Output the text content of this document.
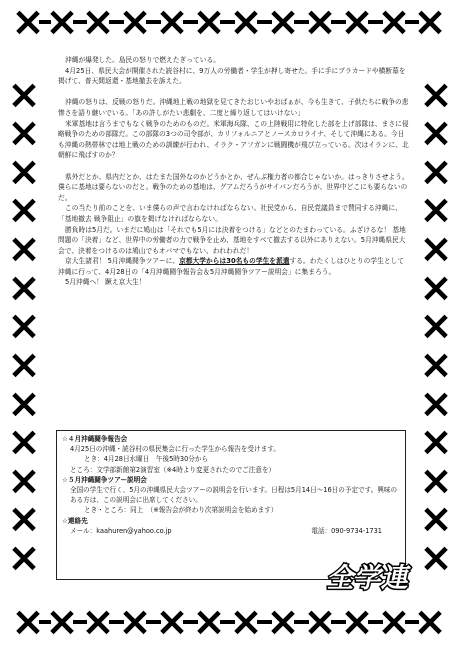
× × × × × × × × × × × ×
× × × × × × × × × × × ×
×
×
×
×
×
×
×
×
×
×
×
×
×
×
×
×
×
×
×
×
×
×
×
×
×
×

沖縄が爆発した。島民の怒りで燃えたぎっている。

4月25日、県民大会が開催された読谷村に、9万人の労働者・学生が押し寄せた。手に手にプラカードや横断幕を掲げて、普天間返還・基地撤去を訴えた。

沖縄の怒りは、反戦の怒りだ。沖縄地上戦の地獄を見てきたおじいやおばぁが、今も生きて、子供たちに戦争の悲惨さを語り継いでいる。「あの許しがたい悲劇を、二度と繰り返してはいけない」

米軍基地は言うまでもなく戦争のためのものだ。米軍海兵隊、この上陸戦用に特化した部を上げ部隊は、まさに侵略戦争のための部隊だ。この部隊の3つの司令部が、カリフォルニアとノースカロライナ、そして沖縄にある。今日も沖縄の熱帯林では地上戦のための訓練が行われ、イラク・アフガンに戦闘機が飛び立っている。次はイランに、北朝鮮に飛ばすのか？

県外だとか、県内だとか、はたまた国外なのかどうかとか、ぜんぶ権力者の都合じゃないか。はっきりさせよう。僕らに基地は要らないのだと。戦争のための基地は、グアムだろうがサイパンだろうが、世界中どこにも要らないのだ。

この当たり前のことを、いま僕らの声で言わなければならない。社民党から、自民党議員まで賛同する沖縄に、「基地撤去 戦争阻止」の旗を掲げなければならない。

勝負時は5月だ。いまだに鳩山は「それでも5月には決着をつける」などとのたまわっている。ふざけるな！ 基地問題の「決着」など、世界中の労働者の力で戦争を止め、基地をすべて撤去する以外にありえない。5月沖縄県民大会で、決着をつけるのは鳩山でもオバマでもない、われわれだ！

京大生諸君！ 5月沖縄闘争ツアーに、京都大学からは30名もの学生を派遣する。わたくしはひとりの学生として沖縄に行って、4月28日の「4月沖縄闘争報告会＆5月沖縄闘争ツアー説明会」に集まろう。

5月沖縄へ！ 蹶え京大生！

☆４月沖縄闘争報告会
4月25日の沖縄・読谷村の県民集会に行った学生から報告を受けます。
とき：4月28日水曜日　午後5時30分から
ところ：文学部新館第2演習室（※4時より変更されたのでご注意を）
☆５月沖縄闘争ツアー説明会
全国の学生で行く、5月の沖縄県民大会ツアーの説明会を行います。日程は5月14日〜16日の予定です。興味のある方は、この説明会に出席してください。
とき・ところ：同上　（※報告会が終わり次第説明会を始めます）
☆連絡先
メール：kaahuren@yahoo.co.jp	電話：090-9734-1731
全学連
